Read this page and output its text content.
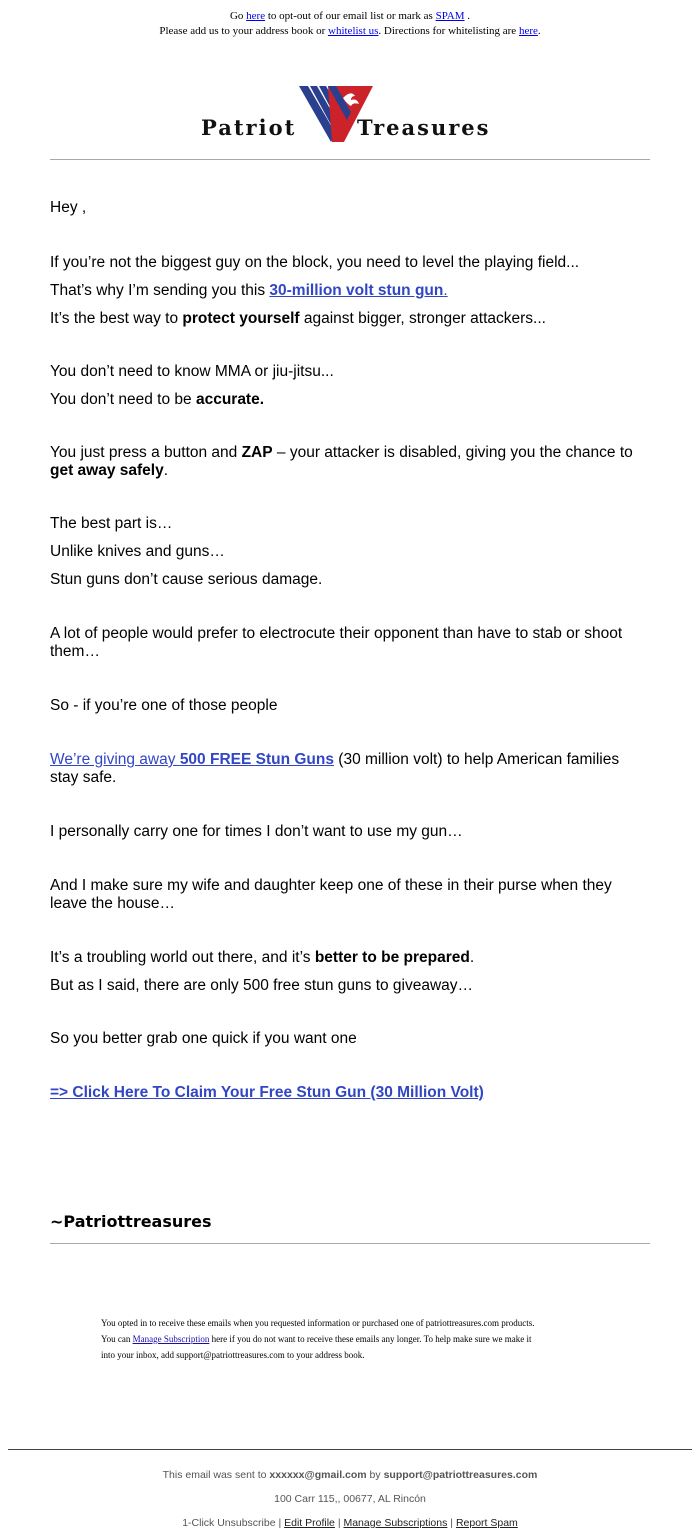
Go here to opt-out of our email list or mark as SPAM .
Please add us to your address book or whitelist us. Directions for whitelisting are here.
Patriot	Treasures

Hey ,

If you’re not the biggest guy on the block, you need to level the playing field...

That’s why I’m sending you this 30-million volt stun gun.

It’s the best way to protect yourself against bigger, stronger attackers...

You don’t need to know MMA or jiu-jitsu...

You don’t need to be accurate.

You just press a button and ZAP – your attacker is disabled, giving you the chance to get away safely.

The best part is…

Unlike knives and guns…

Stun guns don’t cause serious damage.

A lot of people would prefer to electrocute their opponent than have to stab or shoot them…

So - if you’re one of those people

We’re giving away 500 FREE Stun Guns (30 million volt) to help American families stay safe.

I personally carry one for times I don’t want to use my gun…

And I make sure my wife and daughter keep one of these in their purse when they leave the house…

It’s a troubling world out there, and it’s better to be prepared.

But as I said, there are only 500 free stun guns to giveaway…

So you better grab one quick if you want one

=> Click Here To Claim Your Free Stun Gun (30 Million Volt)

~Patriottreasures
You opted in to receive these emails when you requested information or purchased one of patriottreasures.com products.
You can Manage Subscription here if you do not want to receive these emails any longer. To help make sure we make it
into your inbox, add support@patriottreasures.com to your address book.
This email was sent to xxxxxx@gmail.com by support@patriottreasures.com
100 Carr 115,, 00677, AL Rincón
1-Click Unsubscribe | Edit Profile | Manage Subscriptions | Report Spam
